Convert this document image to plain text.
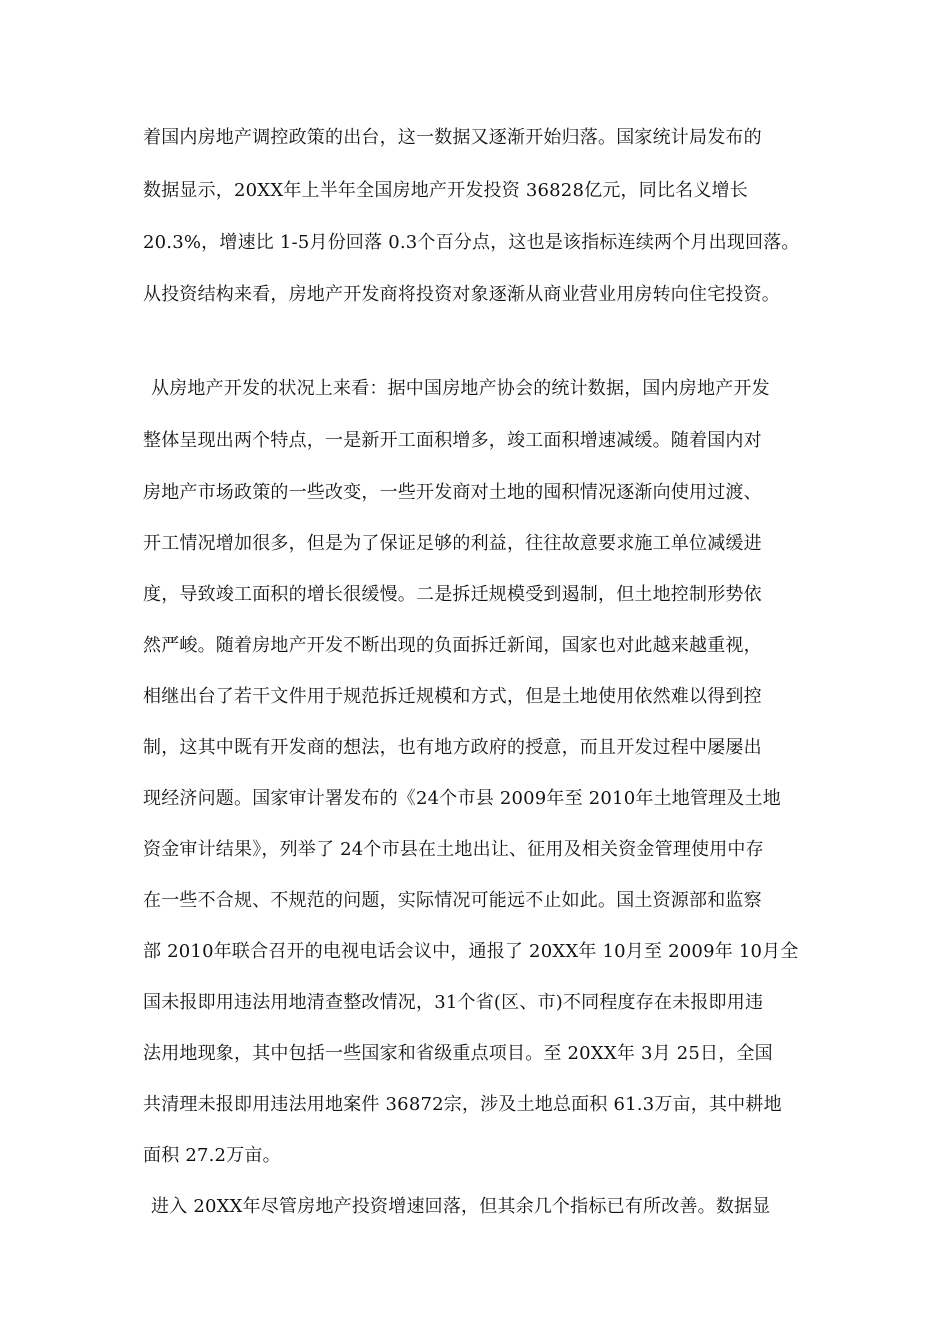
着国内房地产调控政策的出台，这一数据又逐渐开始归落。国家统计局发布的
数据显示，20XX年上半年全国房地产开发投资 36828亿元，同比名义增长
20.3%，增速比 1-5月份回落 0.3个百分点，这也是该指标连续两个月出现回落。
从投资结构来看，房地产开发商将投资对象逐渐从商业营业用房转向住宅投资。
从房地产开发的状况上来看：据中国房地产协会的统计数据，国内房地产开发
整体呈现出两个特点，一是新开工面积增多，竣工面积增速减缓。随着国内对
房地产市场政策的一些改变，一些开发商对土地的囤积情况逐渐向使用过渡、
开工情况增加很多，但是为了保证足够的利益，往往故意要求施工单位减缓进
度，导致竣工面积的增长很缓慢。二是拆迁规模受到遏制，但土地控制形势依
然严峻。随着房地产开发不断出现的负面拆迁新闻，国家也对此越来越重视，
相继出台了若干文件用于规范拆迁规模和方式，但是土地使用依然难以得到控
制，这其中既有开发商的想法，也有地方政府的授意，而且开发过程中屡屡出
现经济问题。国家审计署发布的《24个市县 2009年至 2010年土地管理及土地
资金审计结果》，列举了 24个市县在土地出让、征用及相关资金管理使用中存
在一些不合规、不规范的问题，实际情况可能远不止如此。国土资源部和监察
部 2010年联合召开的电视电话会议中，通报了 20XX年 10月至 2009年 10月全
国未报即用违法用地清查整改情况，31个省(区、市)不同程度存在未报即用违
法用地现象，其中包括一些国家和省级重点项目。至 20XX年 3月 25日，全国
共清理未报即用违法用地案件 36872宗，涉及土地总面积 61.3万亩，其中耕地
面积 27.2万亩。
进入 20XX年尽管房地产投资增速回落，但其余几个指标已有所改善。数据显
